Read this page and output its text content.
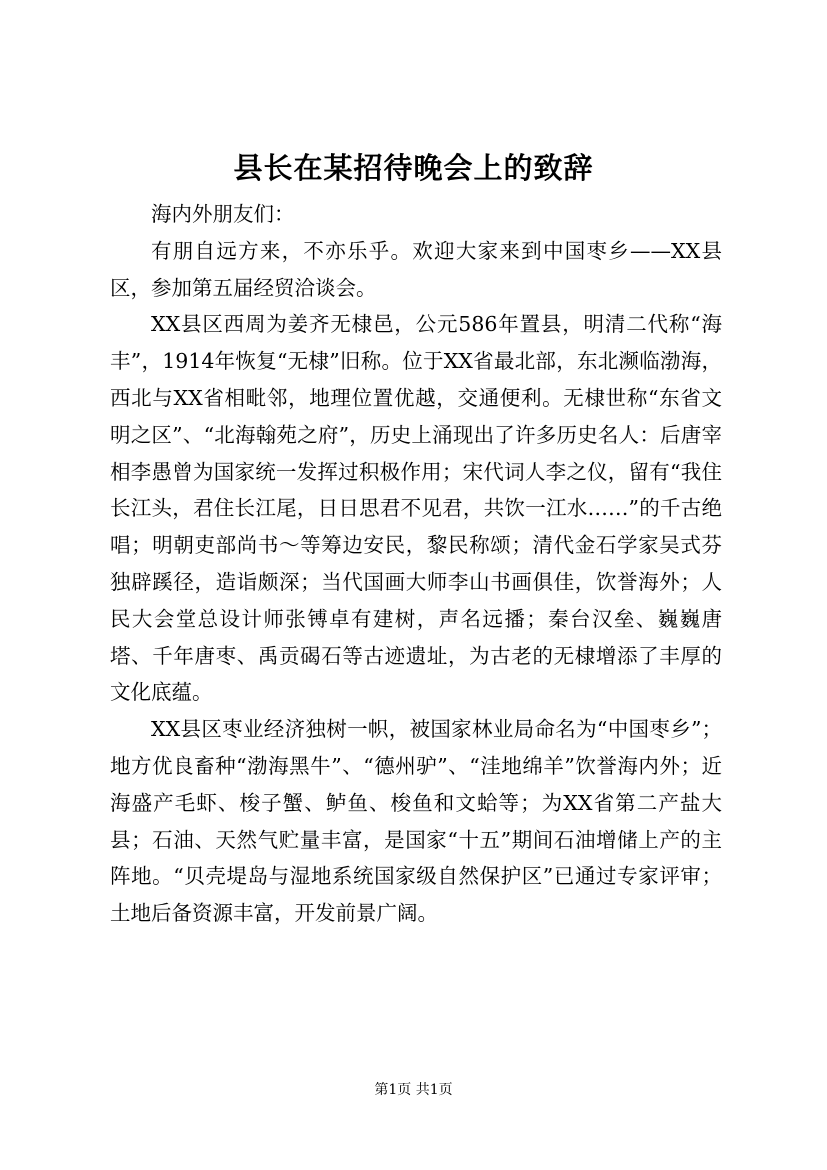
县长在某招待晚会上的致辞

海内外朋友们：

有朋自远方来，不亦乐乎。欢迎大家来到中国枣乡——XX县区，参加第五届经贸洽谈会。

XX县区西周为姜齐无棣邑，公元586年置县，明清二代称“海丰”，1914年恢复“无棣”旧称。位于XX省最北部，东北濒临渤海，西北与XX省相毗邻，地理位置优越，交通便利。无棣世称“东省文明之区”、“北海翰苑之府”，历史上涌现出了许多历史名人：后唐宰相李愚曾为国家统一发挥过积极作用；宋代词人李之仪，留有“我住长江头，君住长江尾，日日思君不见君，共饮一江水……”的千古绝唱；明朝吏部尚书～等筹边安民，黎民称颂；清代金石学家吴式芬独辟蹊径，造诣颇深；当代国画大师李山书画俱佳，饮誉海外；人民大会堂总设计师张镈卓有建树，声名远播；秦台汉垒、巍巍唐塔、千年唐枣、禹贡碣石等古迹遗址，为古老的无棣增添了丰厚的文化底蕴。

XX县区枣业经济独树一帜，被国家林业局命名为“中国枣乡”；地方优良畜种“渤海黑牛”、“德州驴”、“洼地绵羊”饮誉海内外；近海盛产毛虾、梭子蟹、鲈鱼、梭鱼和文蛤等；为XX省第二产盐大县；石油、天然气贮量丰富，是国家“十五”期间石油增储上产的主阵地。“贝壳堤岛与湿地系统国家级自然保护区”已通过专家评审；土地后备资源丰富，开发前景广阔。

第1页 共1页
